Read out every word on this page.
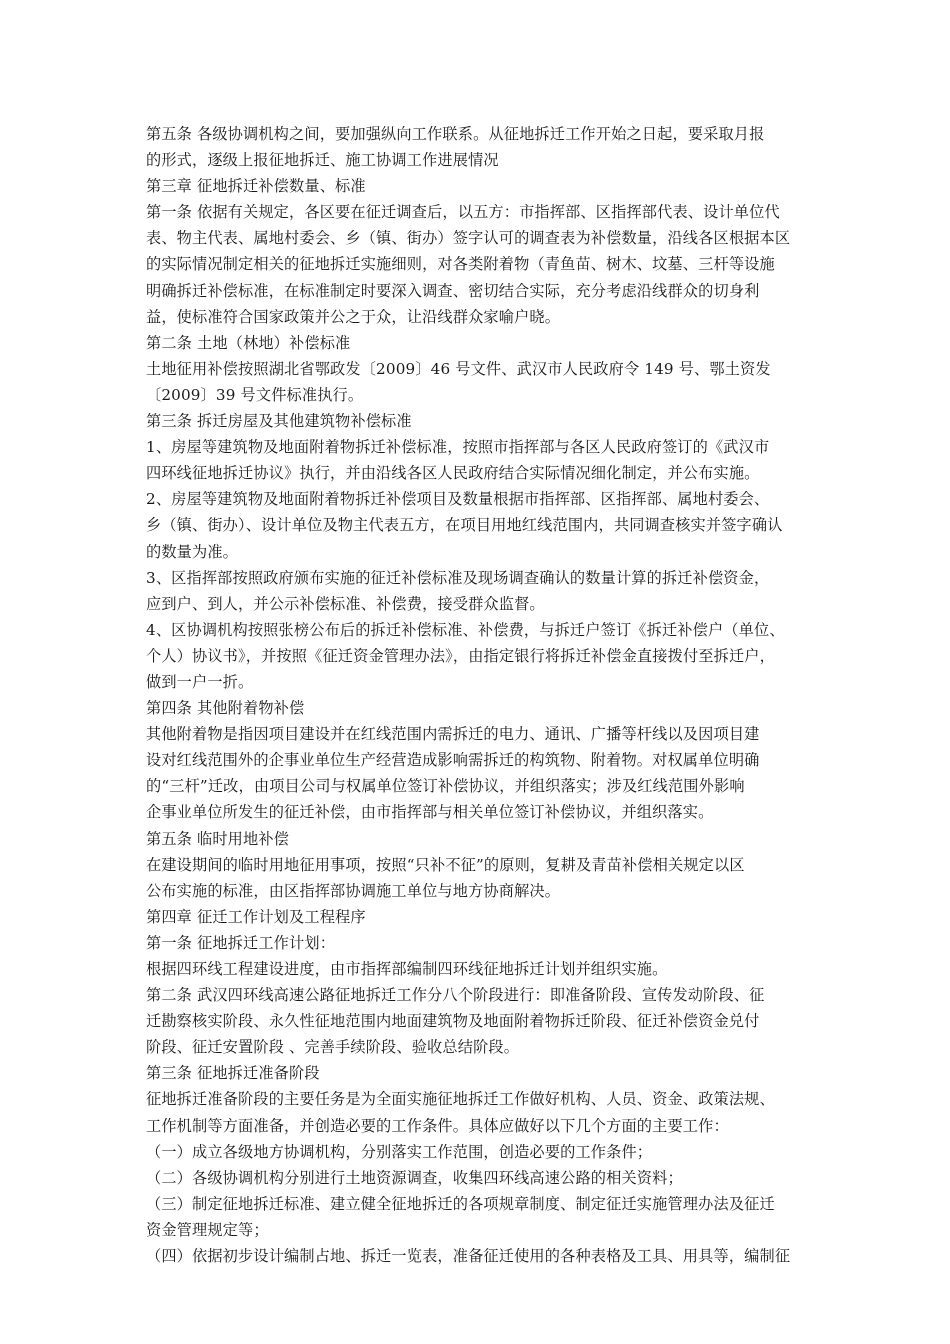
第五条 各级协调机构之间，要加强纵向工作联系。从征地拆迁工作开始之日起，要采取月报
的形式，逐级上报征地拆迁、施工协调工作进展情况
第三章 征地拆迁补偿数量、标准
第一条 依据有关规定，各区要在征迁调查后，以五方：市指挥部、区指挥部代表、设计单位代
表、物主代表、属地村委会、乡（镇、街办）签字认可的调查表为补偿数量，沿线各区根据本区
的实际情况制定相关的征地拆迁实施细则，对各类附着物（青鱼苗、树木、坟墓、三杆等设施
明确拆迁补偿标准，在标准制定时要深入调查、密切结合实际，充分考虑沿线群众的切身利
益，使标准符合国家政策并公之于众，让沿线群众家喻户晓。
第二条 土地（林地）补偿标准
土地征用补偿按照湖北省鄂政发〔2009〕46 号文件、武汉市人民政府令 149 号、鄂土资发
〔2009〕39 号文件标准执行。
第三条 拆迁房屋及其他建筑物补偿标准
1、房屋等建筑物及地面附着物拆迁补偿标准，按照市指挥部与各区人民政府签订的《武汉市
四环线征地拆迁协议》执行，并由沿线各区人民政府结合实际情况细化制定，并公布实施。
2、房屋等建筑物及地面附着物拆迁补偿项目及数量根据市指挥部、区指挥部、属地村委会、
乡（镇、街办）、设计单位及物主代表五方，在项目用地红线范围内，共同调查核实并签字确认
的数量为准。
3、区指挥部按照政府颁布实施的征迁补偿标准及现场调查确认的数量计算的拆迁补偿资金，
应到户、到人，并公示补偿标准、补偿费，接受群众监督。
4、区协调机构按照张榜公布后的拆迁补偿标准、补偿费，与拆迁户签订《拆迁补偿户（单位、
个人）协议书》，并按照《征迁资金管理办法》，由指定银行将拆迁补偿金直接拨付至拆迁户，
做到一户一折。
第四条 其他附着物补偿
其他附着物是指因项目建设并在红线范围内需拆迁的电力、通讯、广播等杆线以及因项目建
设对红线范围外的企事业单位生产经营造成影响需拆迁的构筑物、附着物。对权属单位明确
的“三杆”迁改，由项目公司与权属单位签订补偿协议，并组织落实；涉及红线范围外影响
企事业单位所发生的征迁补偿，由市指挥部与相关单位签订补偿协议，并组织落实。
第五条 临时用地补偿
在建设期间的临时用地征用事项，按照“只补不征”的原则，复耕及青苗补偿相关规定以区
公布实施的标准，由区指挥部协调施工单位与地方协商解决。
第四章 征迁工作计划及工程程序
第一条 征地拆迁工作计划：
根据四环线工程建设进度，由市指挥部编制四环线征地拆迁计划并组织实施。
第二条 武汉四环线高速公路征地拆迁工作分八个阶段进行：即准备阶段、宣传发动阶段、征
迁勘察核实阶段、永久性征地范围内地面建筑物及地面附着物拆迁阶段、征迁补偿资金兑付
阶段、征迁安置阶段 、完善手续阶段、验收总结阶段。
第三条 征地拆迁准备阶段
征地拆迁准备阶段的主要任务是为全面实施征地拆迁工作做好机构、人员、资金、政策法规、
工作机制等方面准备，并创造必要的工作条件。具体应做好以下几个方面的主要工作：
（一）成立各级地方协调机构，分别落实工作范围，创造必要的工作条件；
（二）各级协调机构分别进行土地资源调查，收集四环线高速公路的相关资料；
（三）制定征地拆迁标准、建立健全征地拆迁的各项规章制度、制定征迁实施管理办法及征迁
资金管理规定等；
（四）依据初步设计编制占地、拆迁一览表，准备征迁使用的各种表格及工具、用具等，编制征
